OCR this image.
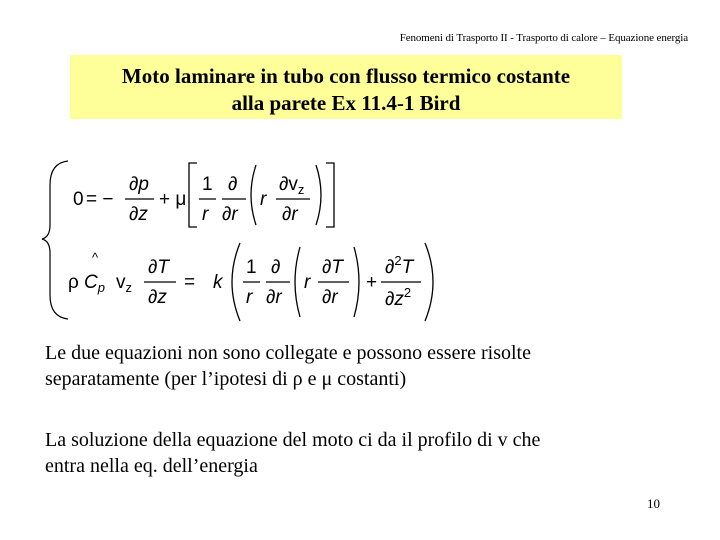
Fenomeni di Trasporto II - Trasporto di calore – Equazione energia
Moto laminare in tubo con flusso termico costante
alla parete Ex 11.4-1 Bird
0 = −
∂p
∂z
+ μ
1
r
∂
∂r
r
$\partial v_z$
∂r
ρ $C_p$
^
$v_z$
∂T
∂z
= k
1
r
∂
∂r
r
∂T
∂r
+
∂$^2$T
$\partial z^2$
Le due equazioni non sono collegate e possono essere risolte
separatamente (per l’ipotesi di ρ e μ costanti)
La soluzione della equazione del moto ci da il profilo di v che
entra nella eq. dell’energia
10
